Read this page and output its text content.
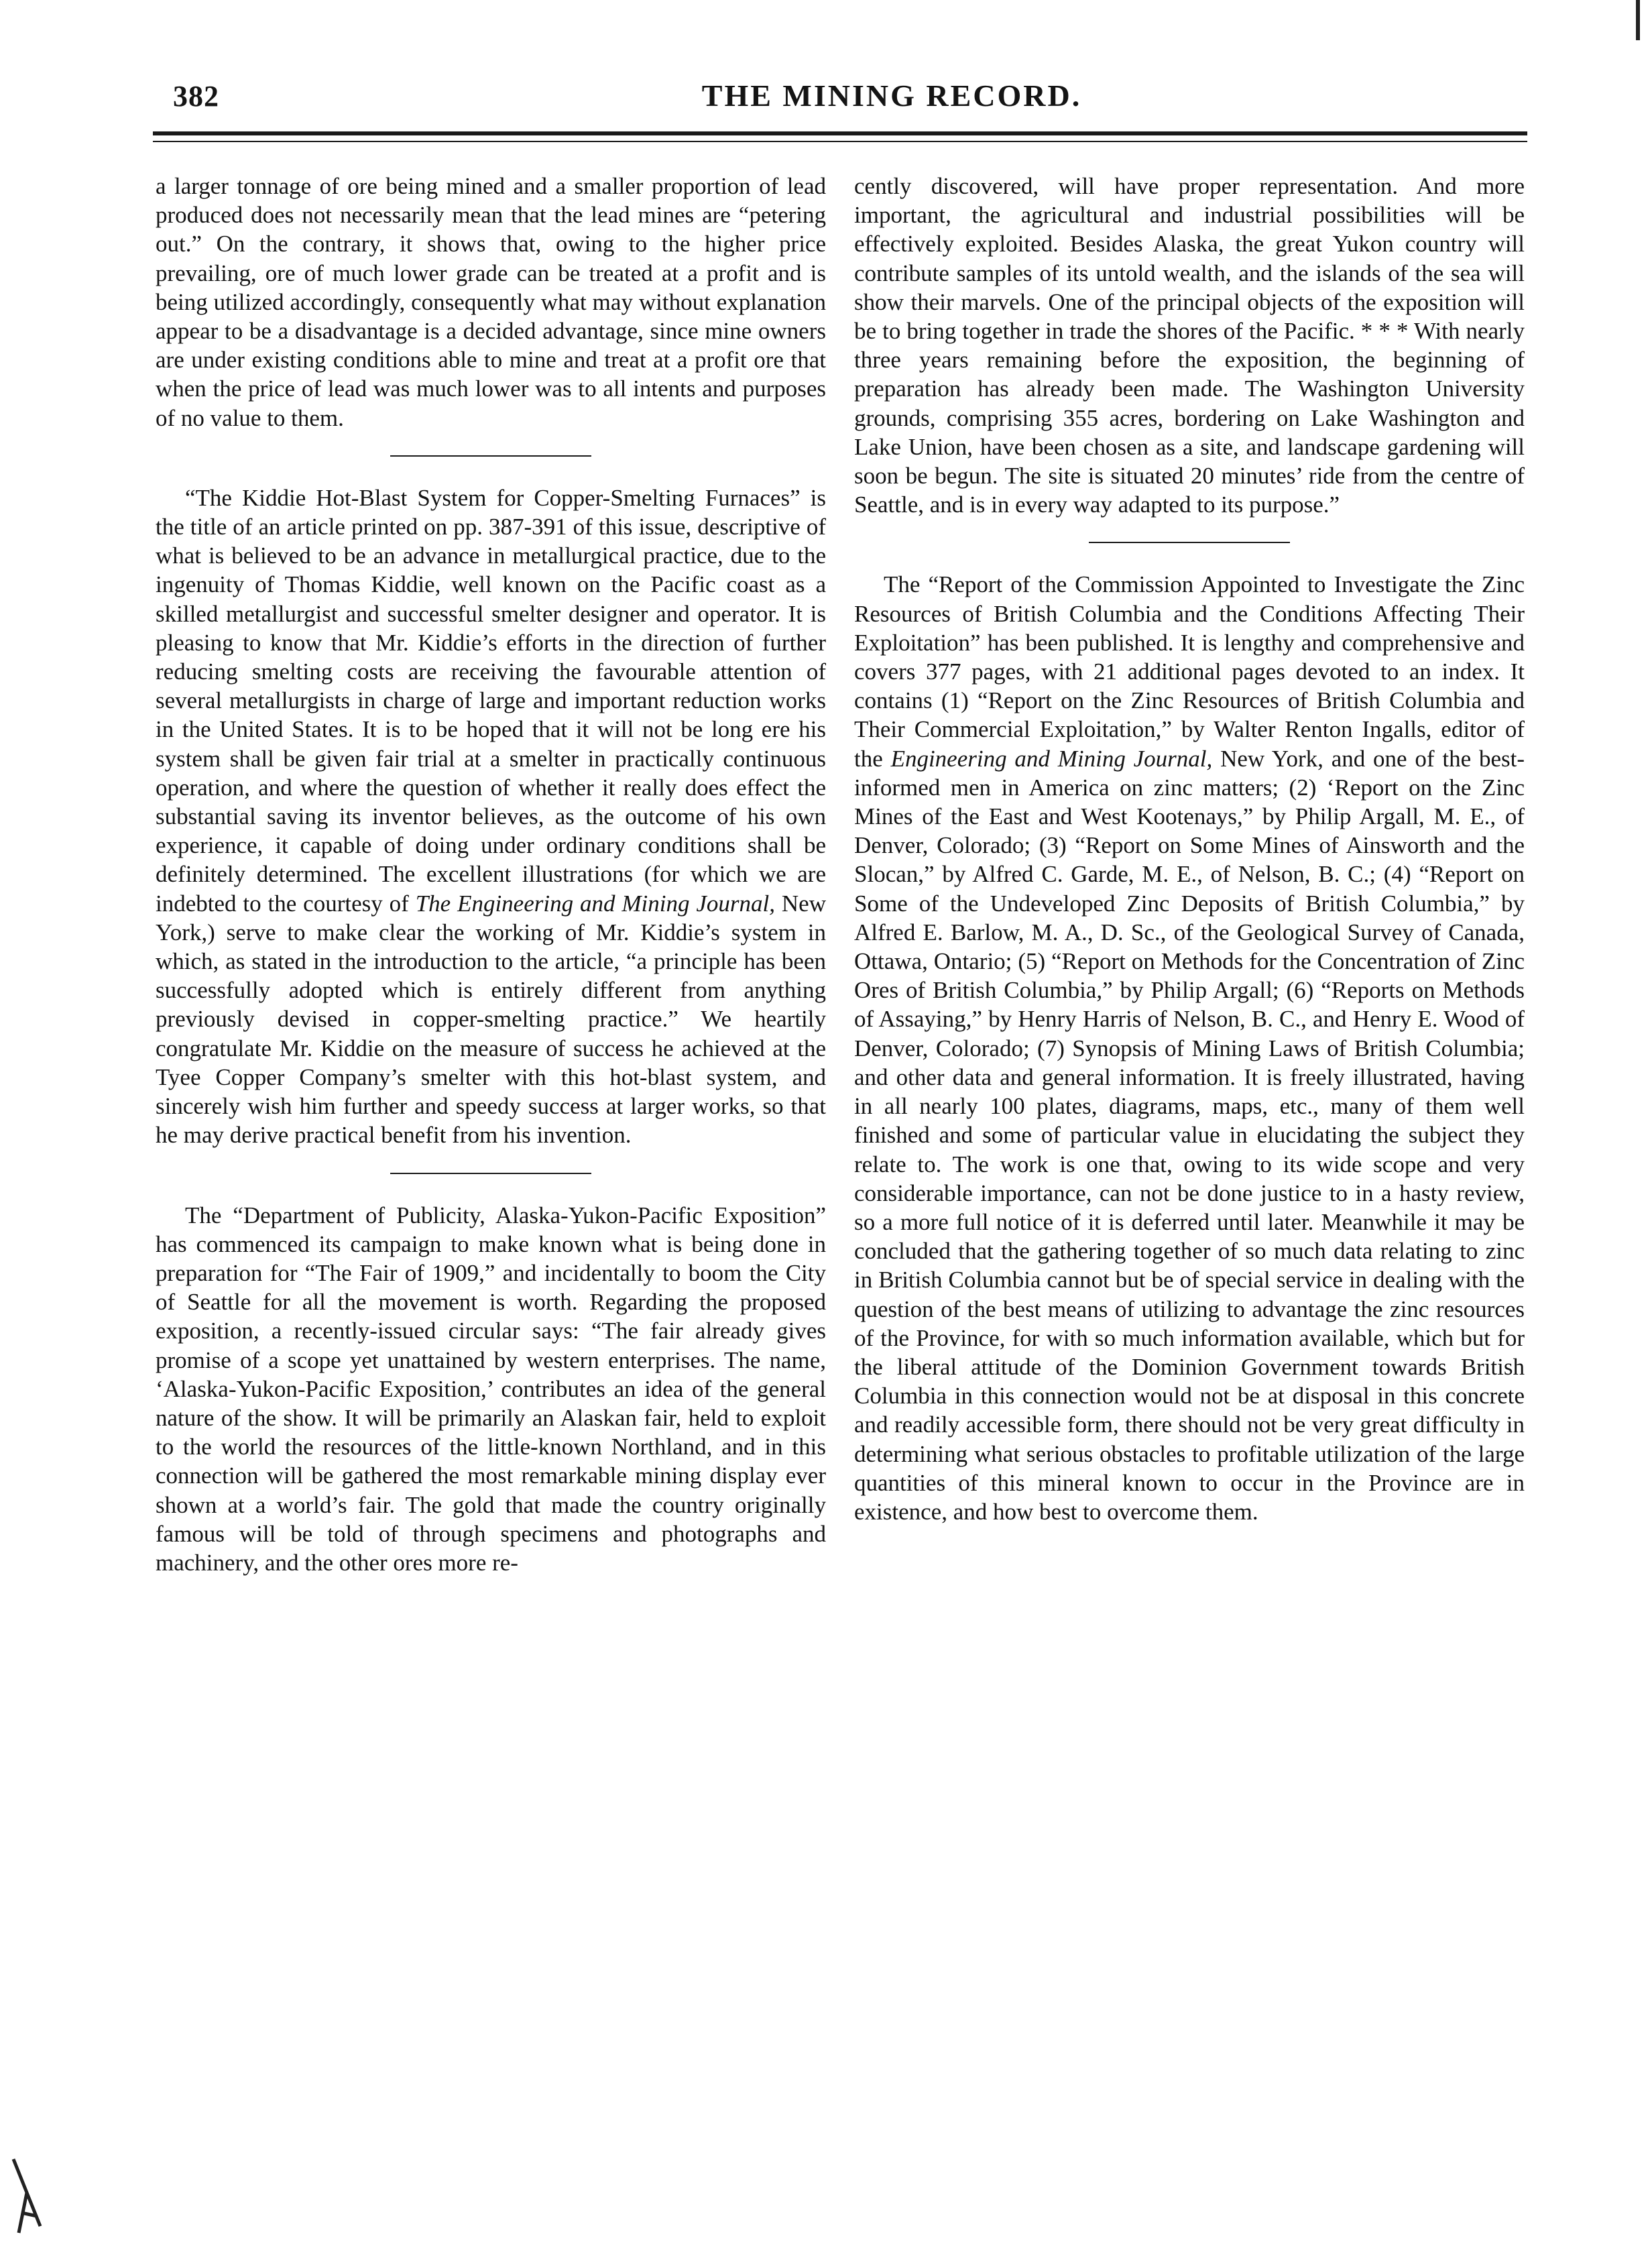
382	THE MINING RECORD.

a larger tonnage of ore being mined and a smaller proportion of lead produced does not necessarily mean that the lead mines are “petering out.” On the contrary, it shows that, owing to the higher price prevailing, ore of much lower grade can be treated at a profit and is being utilized accordingly, consequently what may without explanation appear to be a disadvantage is a decided advantage, since mine owners are under existing conditions able to mine and treat at a profit ore that when the price of lead was much lower was to all intents and purposes of no value to them.

“The Kiddie Hot-Blast System for Copper-Smelting Furnaces” is the title of an article printed on pp. 387-391 of this issue, descriptive of what is believed to be an advance in metallurgical practice, due to the ingenuity of Thomas Kiddie, well known on the Pacific coast as a skilled metallurgist and successful smelter designer and operator. It is pleasing to know that Mr. Kiddie’s efforts in the direction of further reducing smelting costs are receiving the favourable attention of several metallurgists in charge of large and important reduction works in the United States. It is to be hoped that it will not be long ere his system shall be given fair trial at a smelter in practically continuous operation, and where the question of whether it really does effect the substantial saving its inventor believes, as the outcome of his own experience, it capable of doing under ordinary conditions shall be definitely determined. The excellent illustrations (for which we are indebted to the courtesy of The Engineering and Mining Journal, New York,) serve to make clear the working of Mr. Kiddie’s system in which, as stated in the introduction to the article, “a principle has been successfully adopted which is entirely different from anything previously devised in copper-smelting practice.” We heartily congratulate Mr. Kiddie on the measure of success he achieved at the Tyee Copper Company’s smelter with this hot-blast system, and sincerely wish him further and speedy success at larger works, so that he may derive practical benefit from his invention.

The “Department of Publicity, Alaska-Yukon-Pacific Exposition” has commenced its campaign to make known what is being done in preparation for “The Fair of 1909,” and incidentally to boom the City of Seattle for all the movement is worth. Regarding the proposed exposition, a recently-issued circular says: “The fair already gives promise of a scope yet unattained by western enterprises. The name, ‘Alaska-Yukon-Pacific Exposition,’ contributes an idea of the general nature of the show. It will be primarily an Alaskan fair, held to exploit to the world the resources of the little-known Northland, and in this connection will be gathered the most remarkable mining display ever shown at a world’s fair. The gold that made the country originally famous will be told of through specimens and photographs and machinery, and the other ores more re-

cently discovered, will have proper representation. And more important, the agricultural and industrial possibilities will be effectively exploited. Besides Alaska, the great Yukon country will contribute samples of its untold wealth, and the islands of the sea will show their marvels. One of the principal objects of the exposition will be to bring together in trade the shores of the Pacific. * * * With nearly three years remaining before the exposition, the beginning of preparation has already been made. The Washington University grounds, comprising 355 acres, bordering on Lake Washington and Lake Union, have been chosen as a site, and landscape gardening will soon be begun. The site is situated 20 minutes’ ride from the centre of Seattle, and is in every way adapted to its purpose.”

The “Report of the Commission Appointed to Investigate the Zinc Resources of British Columbia and the Conditions Affecting Their Exploitation” has been published. It is lengthy and comprehensive and covers 377 pages, with 21 additional pages devoted to an index. It contains (1) “Report on the Zinc Resources of British Columbia and Their Commercial Exploitation,” by Walter Renton Ingalls, editor of the Engineering and Mining Journal, New York, and one of the best-informed men in America on zinc matters; (2) ‘Report on the Zinc Mines of the East and West Kootenays,” by Philip Argall, M. E., of Denver, Colorado; (3) “Report on Some Mines of Ainsworth and the Slocan,” by Alfred C. Garde, M. E., of Nelson, B. C.; (4) “Report on Some of the Undeveloped Zinc Deposits of British Columbia,” by Alfred E. Barlow, M. A., D. Sc., of the Geological Survey of Canada, Ottawa, Ontario; (5) “Report on Methods for the Concentration of Zinc Ores of British Columbia,” by Philip Argall; (6) “Reports on Methods of Assaying,” by Henry Harris of Nelson, B. C., and Henry E. Wood of Denver, Colorado; (7) Synopsis of Mining Laws of British Columbia; and other data and general information. It is freely illustrated, having in all nearly 100 plates, diagrams, maps, etc., many of them well finished and some of particular value in elucidating the subject they relate to. The work is one that, owing to its wide scope and very considerable importance, can not be done justice to in a hasty review, so a more full notice of it is deferred until later. Meanwhile it may be concluded that the gathering together of so much data relating to zinc in British Columbia cannot but be of special service in dealing with the question of the best means of utilizing to advantage the zinc resources of the Province, for with so much information available, which but for the liberal attitude of the Dominion Government towards British Columbia in this connection would not be at disposal in this concrete and readily accessible form, there should not be very great difficulty in determining what serious obstacles to profitable utilization of the large quantities of this mineral known to occur in the Province are in existence, and how best to overcome them.
